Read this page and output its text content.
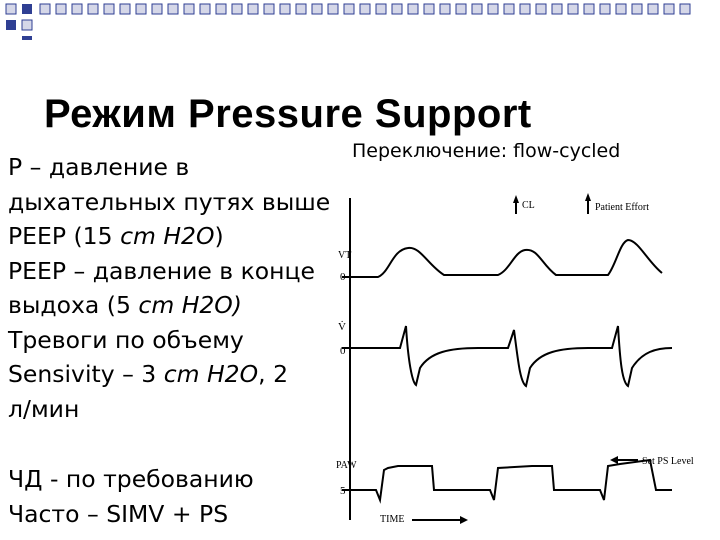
Режим Pressure Support
Переключение: flow-cycled

Р – давление в

дыхательных путях выше

PEEP (15 cm H2O)

PEEP – давление в конце

выдоха (5 cm H2O)

Тревоги по объему

Sensivity – 3 cm H2O, 2

л/мин

ЧД - по требованию

Часто – SIMV + PS

CL	Patient Effort
VT
0
V̇
0
PAW
5
Set PS Level
TIME
